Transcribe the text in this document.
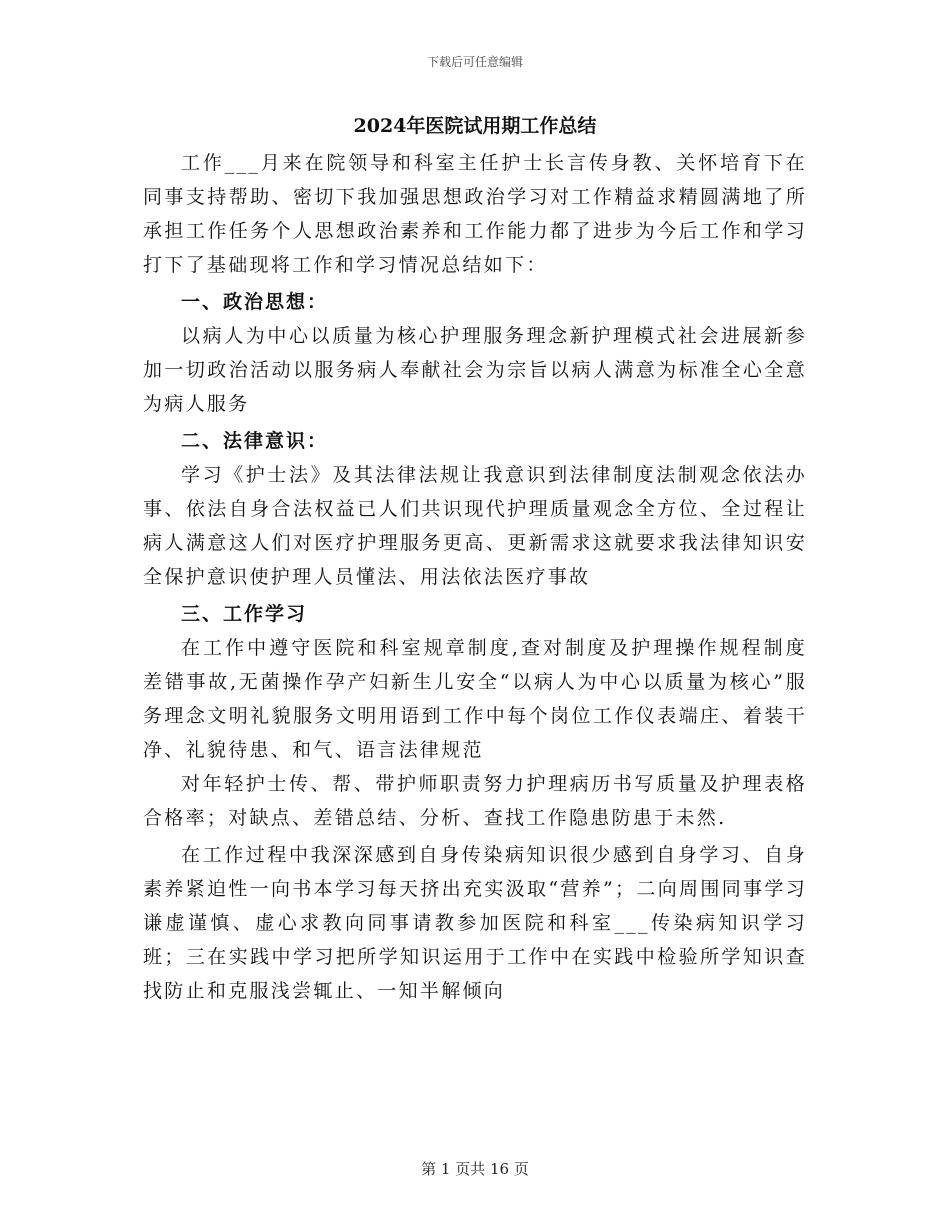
下载后可任意编辑
2024年医院试用期工作总结

工作___月来在院领导和科室主任护士长言传身教、关怀培育下在同事支持帮助、密切下我加强思想政治学习对工作精益求精圆满地了所承担工作任务个人思想政治素养和工作能力都了进步为今后工作和学习打下了基础现将工作和学习情况总结如下：

一、政治思想：

以病人为中心以质量为核心护理服务理念新护理模式社会进展新参加一切政治活动以服务病人奉献社会为宗旨以病人满意为标准全心全意为病人服务

二、法律意识：

学习《护士法》及其法律法规让我意识到法律制度法制观念依法办事、依法自身合法权益已人们共识现代护理质量观念全方位、全过程让病人满意这人们对医疗护理服务更高、更新需求这就要求我法律知识安全保护意识使护理人员懂法、用法依法医疗事故

三、工作学习

在工作中遵守医院和科室规章制度,查对制度及护理操作规程制度差错事故,无菌操作孕产妇新生儿安全“以病人为中心以质量为核心”服务理念文明礼貌服务文明用语到工作中每个岗位工作仪表端庄、着装干净、礼貌待患、和气、语言法律规范

对年轻护士传、帮、带护师职责努力护理病历书写质量及护理表格合格率；对缺点、差错总结、分析、查找工作隐患防患于未然.

在工作过程中我深深感到自身传染病知识很少感到自身学习、自身素养紧迫性一向书本学习每天挤出充实汲取“营养”；二向周围同事学习谦虚谨慎、虚心求教向同事请教参加医院和科室___传染病知识学习班；三在实践中学习把所学知识运用于工作中在实践中检验所学知识查找防止和克服浅尝辄止、一知半解倾向

第 1 页共 16 页
